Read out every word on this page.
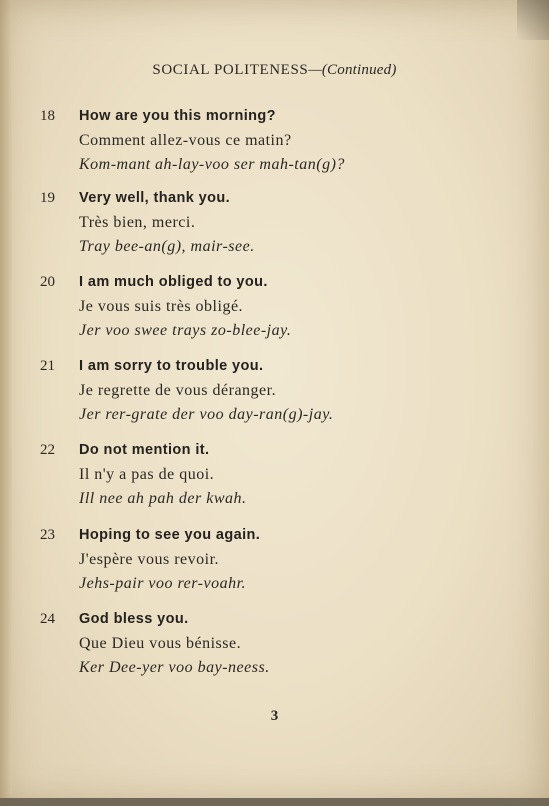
SOCIAL POLITENESS—(Continued)
18 How are you this morning?
Comment allez-vous ce matin?
Kom-mant ah-lay-voo ser mah-tan(g)?
19 Very well, thank you.
Très bien, merci.
Tray bee-an(g), mair-see.
20 I am much obliged to you.
Je vous suis très obligé.
Jer voo swee trays zo-blee-jay.
21 I am sorry to trouble you.
Je regrette de vous déranger.
Jer rer-grate der voo day-ran(g)-jay.
22 Do not mention it.
Il n'y a pas de quoi.
Ill nee ah pah der kwah.
23 Hoping to see you again.
J'espère vous revoir.
Jehs-pair voo rer-voahr.
24 God bless you.
Que Dieu vous bénisse.
Ker Dee-yer voo bay-neess.
3
